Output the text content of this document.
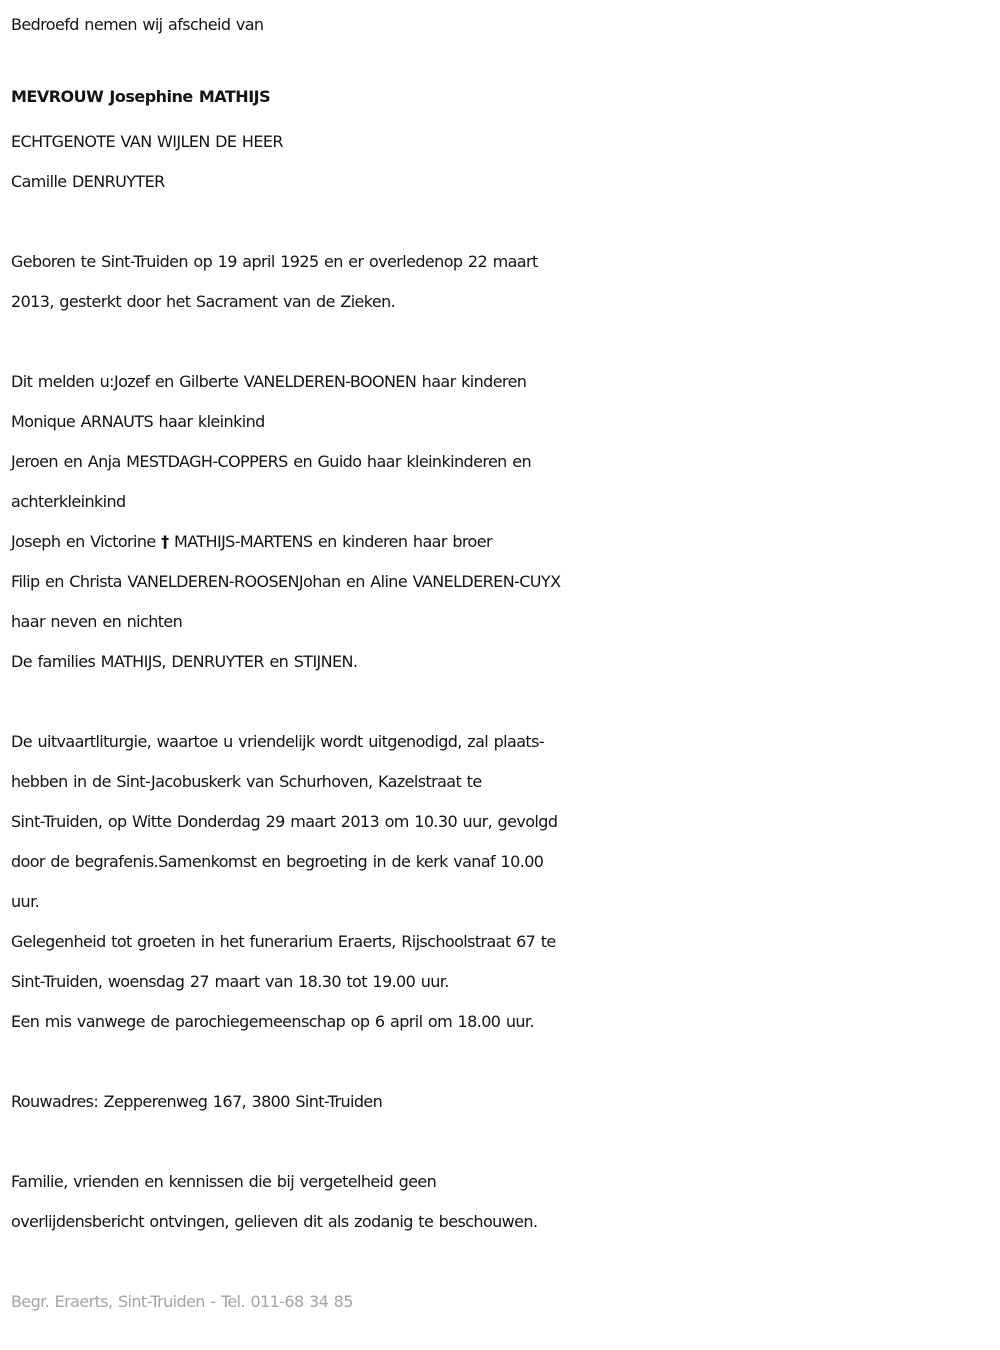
Bedroefd nemen wij afscheid van
MEVROUW Josephine MATHIJS
ECHTGENOTE VAN WIJLEN DE HEER
Camille DENRUYTER
Geboren te Sint-Truiden op 19 april 1925 en er overledenop 22 maart
2013, gesterkt door het Sacrament van de Zieken.
Dit melden u:Jozef en Gilberte VANELDEREN-BOONEN haar kinderen
Monique ARNAUTS haar kleinkind
Jeroen en Anja MESTDAGH-COPPERS en Guido haar kleinkinderen en
achterkleinkind
Joseph en Victorine † MATHIJS-MARTENS en kinderen haar broer
Filip en Christa VANELDEREN-ROOSENJohan en Aline VANELDEREN-CUYX
haar neven en nichten
De families MATHIJS, DENRUYTER en STIJNEN.
De uitvaartliturgie, waartoe u vriendelijk wordt uitgenodigd, zal plaats-
hebben in de Sint-Jacobuskerk van Schurhoven, Kazelstraat te
Sint-Truiden, op Witte Donderdag 29 maart 2013 om 10.30 uur, gevolgd
door de begrafenis.Samenkomst en begroeting in de kerk vanaf 10.00
uur.
Gelegenheid tot groeten in het funerarium Eraerts, Rijschoolstraat 67 te
Sint-Truiden, woensdag 27 maart van 18.30 tot 19.00 uur.
Een mis vanwege de parochiegemeenschap op 6 april om 18.00 uur.
Rouwadres: Zepperenweg 167, 3800 Sint-Truiden
Familie, vrienden en kennissen die bij vergetelheid geen
overlijdensbericht ontvingen, gelieven dit als zodanig te beschouwen.
Begr. Eraerts, Sint-Truiden - Tel. 011-68 34 85
